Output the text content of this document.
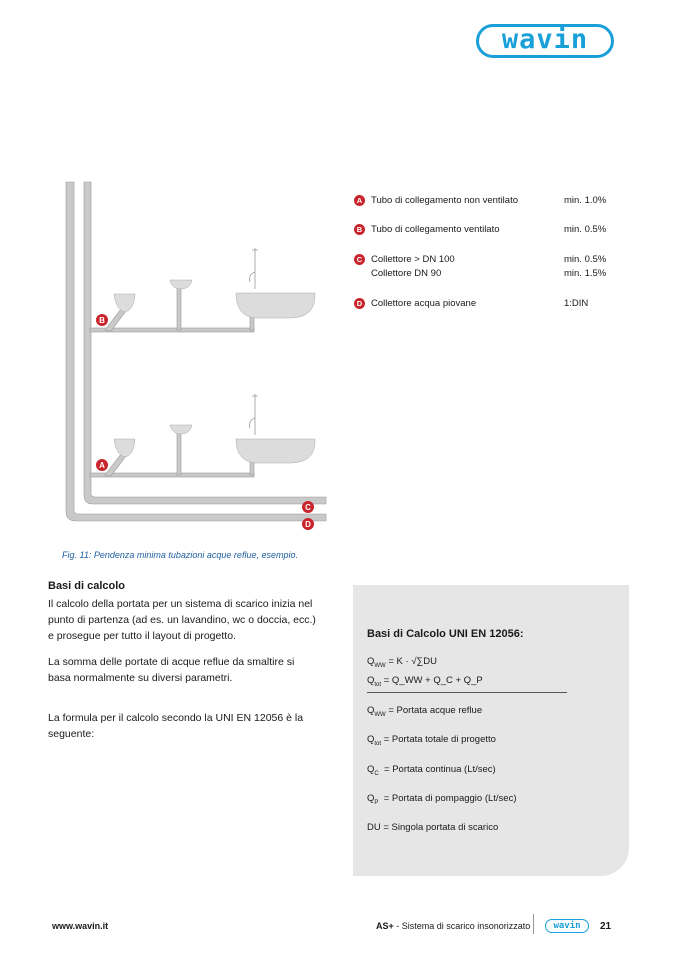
wavin
B
A
C
D
Fig. 11: Pendenza minima tubazioni acque reflue, esempio.
A Tubo di collegamento non ventilato	min. 1.0%
B Tubo di collegamento ventilato	min. 0.5%
C Collettore > DN 100	min. 0.5%
Collettore DN 90	min. 1.5%
D Collettore acqua piovane	1:DIN
Basi di calcolo
Il calcolo della portata per un sistema di scarico inizia nel
punto di partenza (ad es. un lavandino, wc o doccia, ecc.)
e prosegue per tutto il layout di progetto.
La somma delle portate di acque reflue da smaltire si
basa normalmente su diversi parametri.
La formula per il calcolo secondo la UNI EN 12056 è la
seguente:
Basi di Calcolo UNI EN 12056:
$Q_{WW} = K \cdot √\sum DU$
$Q_{tot}$ = Q_WW + Q_C + Q_P
$Q_{WW}$ = Portata acque reflue
$Q_{tot}$ = Portata totale di progetto
$Q_C$ = Portata continua (Lt/sec)
$Q_P$ = Portata di pompaggio (Lt/sec)
DU = Singola portata di scarico
www.wavin.it	AS+ - Sistema di scarico insonorizzato	wavin	21
